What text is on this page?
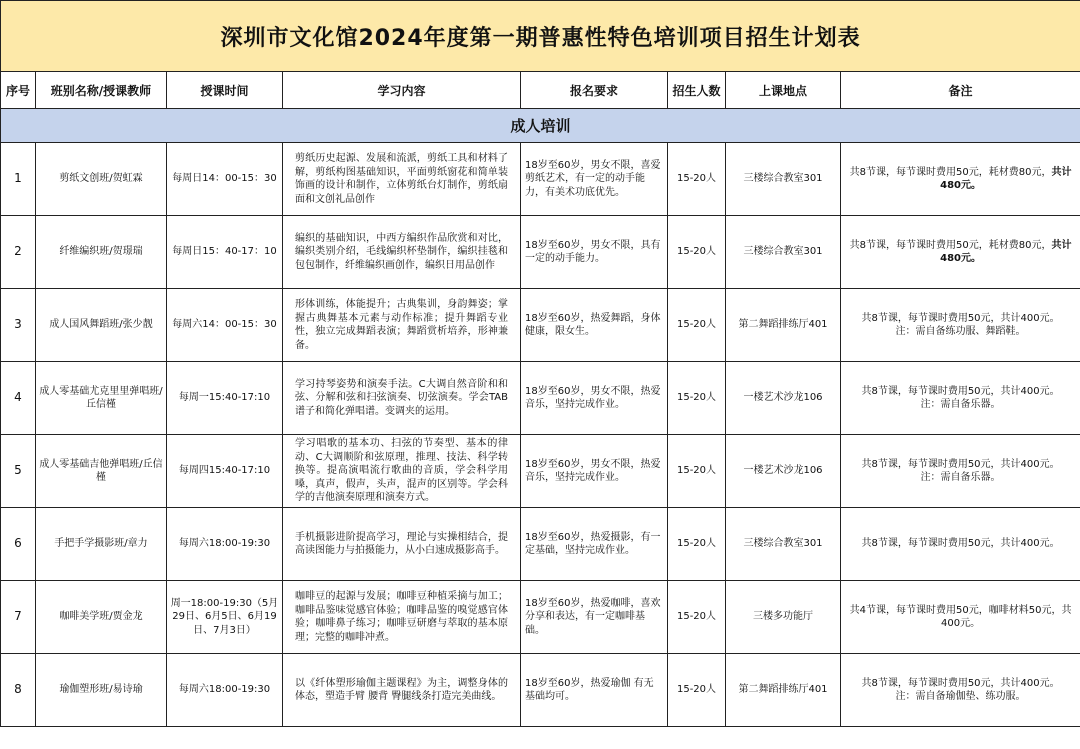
深圳市文化馆2024年度第一期普惠性特色培训项目招生计划表							
序号	班别名称/授课教师	授课时间	学习内容	报名要求	招生人数	上课地点	备注
成人培训							
1	剪纸文创班/贺虹霖	每周日14：00-15：30	剪纸历史起源、发展和流派，剪纸工具和材料了解，剪纸构图基础知识，平面剪纸窗花和简单装饰画的设计和制作，立体剪纸台灯制作，剪纸扇面和文创礼品创作	18岁至60岁，男女不限，喜爱剪纸艺术，有一定的动手能力，有美术功底优先。	15-20人	三楼综合教室301	共8节课，每节课时费用50元，耗材费80元，共计480元。
2	纤维编织班/贺璟瑞	每周日15：40-17：10	编织的基础知识，中西方编织作品欣赏和对比，编织类别介绍，毛线编织杯垫制作，编织挂毯和包包制作，纤维编织画创作，编织日用品创作	18岁至60岁，男女不限，具有一定的动手能力。	15-20人	三楼综合教室301	共8节课，每节课时费用50元，耗材费80元，共计480元。
3	成人国风舞蹈班/张少靓	每周六14：00-15：30	形体训练，体能提升；古典集训，身韵舞姿；掌握古典舞基本元素与动作标准；提升舞蹈专业性，独立完成舞蹈表演；舞蹈赏析培养，形神兼备。	18岁至60岁，热爱舞蹈，身体健康，限女生。	15-20人	第二舞蹈排练厅401	共8节课，每节课时费用50元，共计400元。
注：需自备练功服、舞蹈鞋。
4	成人零基础尤克里里弹唱班/丘信槿	每周一15:40-17:10	学习持琴姿势和演奏手法。C大调自然音阶和和弦、分解和弦和扫弦演奏、切弦演奏。学会TAB谱子和简化弹唱谱。变调夹的运用。	18岁至60岁，男女不限，热爱音乐，坚持完成作业。	15-20人	一楼艺术沙龙106	共8节课，每节课时费用50元，共计400元。
注：需自备乐器。
5	成人零基础吉他弹唱班/丘信槿	每周四15:40-17:10	学习唱歌的基本功、扫弦的节奏型、基本的律动、C大调顺阶和弦原理，推理、技法、科学转换等。提高演唱流行歌曲的音质，学会科学用嗓，真声，假声，头声，混声的区别等。学会科学的吉他演奏原理和演奏方式。	18岁至60岁，男女不限，热爱音乐，坚持完成作业。	15-20人	一楼艺术沙龙106	共8节课，每节课时费用50元，共计400元。
注：需自备乐器。
6	手把手学摄影班/章力	每周六18:00-19:30	手机摄影进阶提高学习，理论与实操相结合，提高读图能力与拍摄能力，从小白速成摄影高手。	18岁至60岁，热爱摄影，有一定基础，坚持完成作业。	15-20人	三楼综合教室301	共8节课，每节课时费用50元，共计400元。
7	咖啡美学班/贾金龙	周一18:00-19:30（5月29日、6月5日、6月19日、7月3日）	咖啡豆的起源与发展；咖啡豆种植采摘与加工；咖啡品鉴味觉感官体验；咖啡品鉴的嗅觉感官体验；咖啡鼻子练习；咖啡豆研磨与萃取的基本原理；完整的咖啡冲煮。	18岁至60岁，热爱咖啡，喜欢分享和表达，有一定咖啡基础。	15-20人	三楼多功能厅	共4节课，每节课时费用50元，咖啡材料50元，共400元。
8	瑜伽塑形班/易诗瑜	每周六18:00-19:30	以《纤体塑形瑜伽主题课程》为主，调整身体的体态，塑造手臂 腰背 臀腿线条打造完美曲线。	18岁至60岁，热爱瑜伽 有无基础均可。	15-20人	第二舞蹈排练厅401	共8节课，每节课时费用50元，共计400元。
注：需自备瑜伽垫、练功服。
